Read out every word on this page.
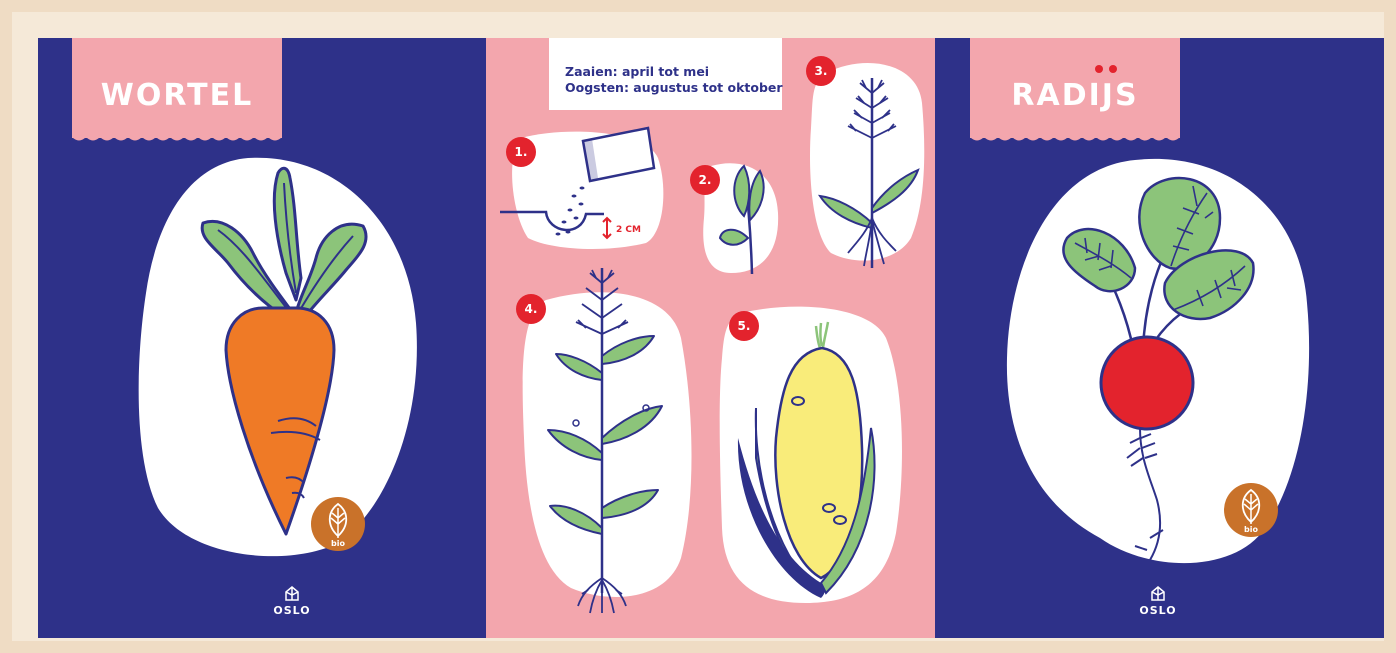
WORTEL
bio
OSLO
Zaaien: april tot mei
Oogsten: augustus tot oktober
2 CM
1.
2.
3.
4.
5.
RADIJS
bio
OSLO
